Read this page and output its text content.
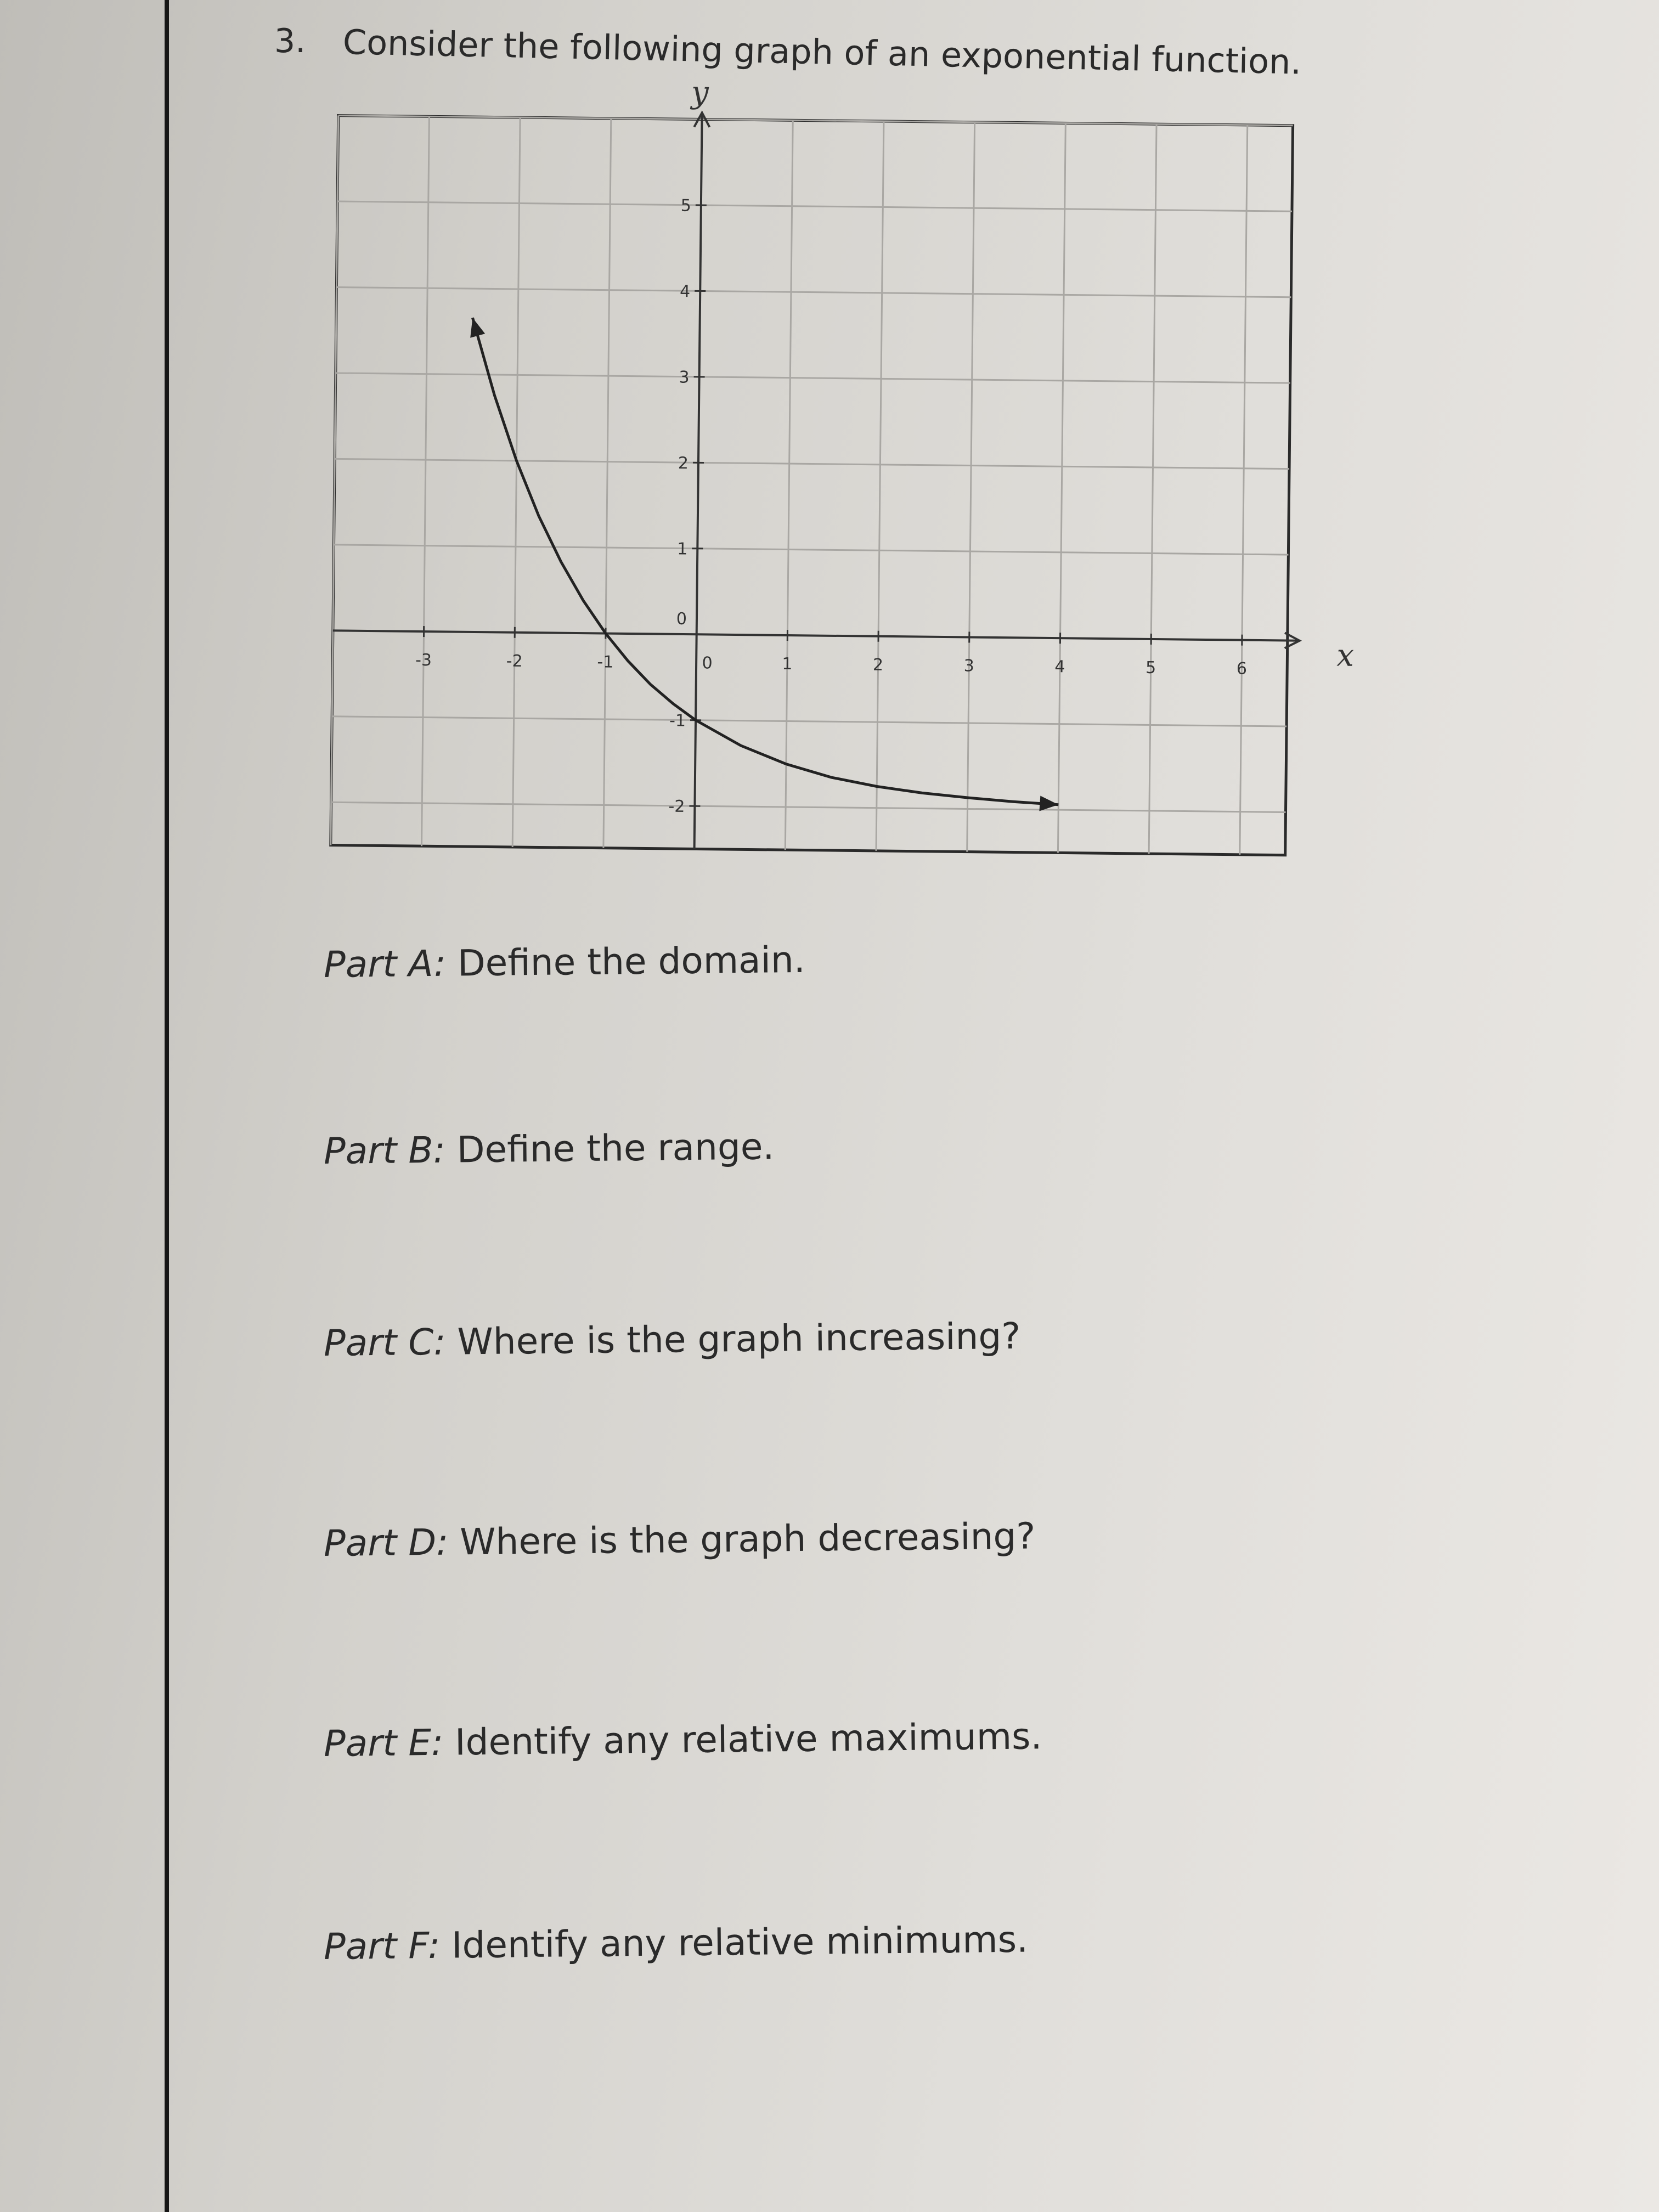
3. Consider the following graph of an exponential function.
x
y
-3	-2	-1	0	1	2	3	4	5	6
-2
-1
0
1
2
3
4
5
Part A: Define the domain.
Part B: Define the range.
Part C: Where is the graph increasing?
Part D: Where is the graph decreasing?
Part E: Identify any relative maximums.
Part F: Identify any relative minimums.
